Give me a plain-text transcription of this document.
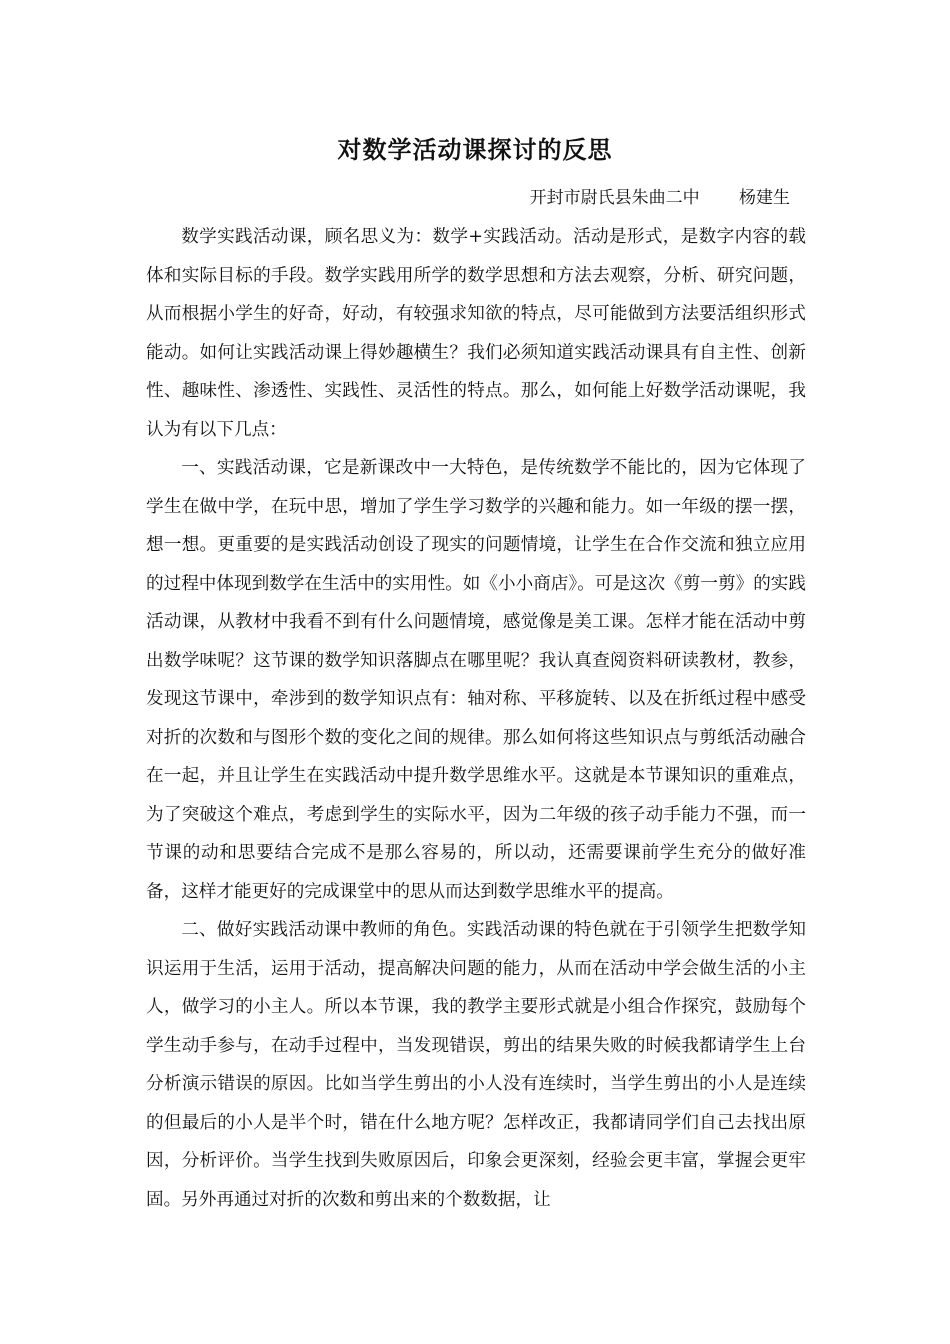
对数学活动课探讨的反思
开封市尉氏县朱曲二中 杨建生

数学实践活动课，顾名思义为：数学+实践活动。活动是形式，是数字内容的载体和实际目标的手段。数学实践用所学的数学思想和方法去观察，分析、研究问题，从而根据小学生的好奇，好动，有较强求知欲的特点，尽可能做到方法要活组织形式能动。如何让实践活动课上得妙趣横生？我们必须知道实践活动课具有自主性、创新性、趣味性、渗透性、实践性、灵活性的特点。那么，如何能上好数学活动课呢，我认为有以下几点：

一、实践活动课，它是新课改中一大特色，是传统数学不能比的，因为它体现了学生在做中学，在玩中思，增加了学生学习数学的兴趣和能力。如一年级的摆一摆，想一想。更重要的是实践活动创设了现实的问题情境，让学生在合作交流和独立应用的过程中体现到数学在生活中的实用性。如《小小商店》。可是这次《剪一剪》的实践活动课，从教材中我看不到有什么问题情境，感觉像是美工课。怎样才能在活动中剪出数学味呢？这节课的数学知识落脚点在哪里呢？我认真查阅资料研读教材，教参，发现这节课中，牵涉到的数学知识点有：轴对称、平移旋转、以及在折纸过程中感受对折的次数和与图形个数的变化之间的规律。那么如何将这些知识点与剪纸活动融合在一起，并且让学生在实践活动中提升数学思维水平。这就是本节课知识的重难点，为了突破这个难点，考虑到学生的实际水平，因为二年级的孩子动手能力不强，而一节课的动和思要结合完成不是那么容易的，所以动，还需要课前学生充分的做好准备，这样才能更好的完成课堂中的思从而达到数学思维水平的提高。

二、做好实践活动课中教师的角色。实践活动课的特色就在于引领学生把数学知识运用于生活，运用于活动，提高解决问题的能力，从而在活动中学会做生活的小主人，做学习的小主人。所以本节课，我的教学主要形式就是小组合作探究，鼓励每个学生动手参与，在动手过程中，当发现错误，剪出的结果失败的时候我都请学生上台分析演示错误的原因。比如当学生剪出的小人没有连续时，当学生剪出的小人是连续的但最后的小人是半个时，错在什么地方呢？怎样改正，我都请同学们自己去找出原因，分析评价。当学生找到失败原因后，印象会更深刻，经验会更丰富，掌握会更牢固。另外再通过对折的次数和剪出来的个数数据，让
